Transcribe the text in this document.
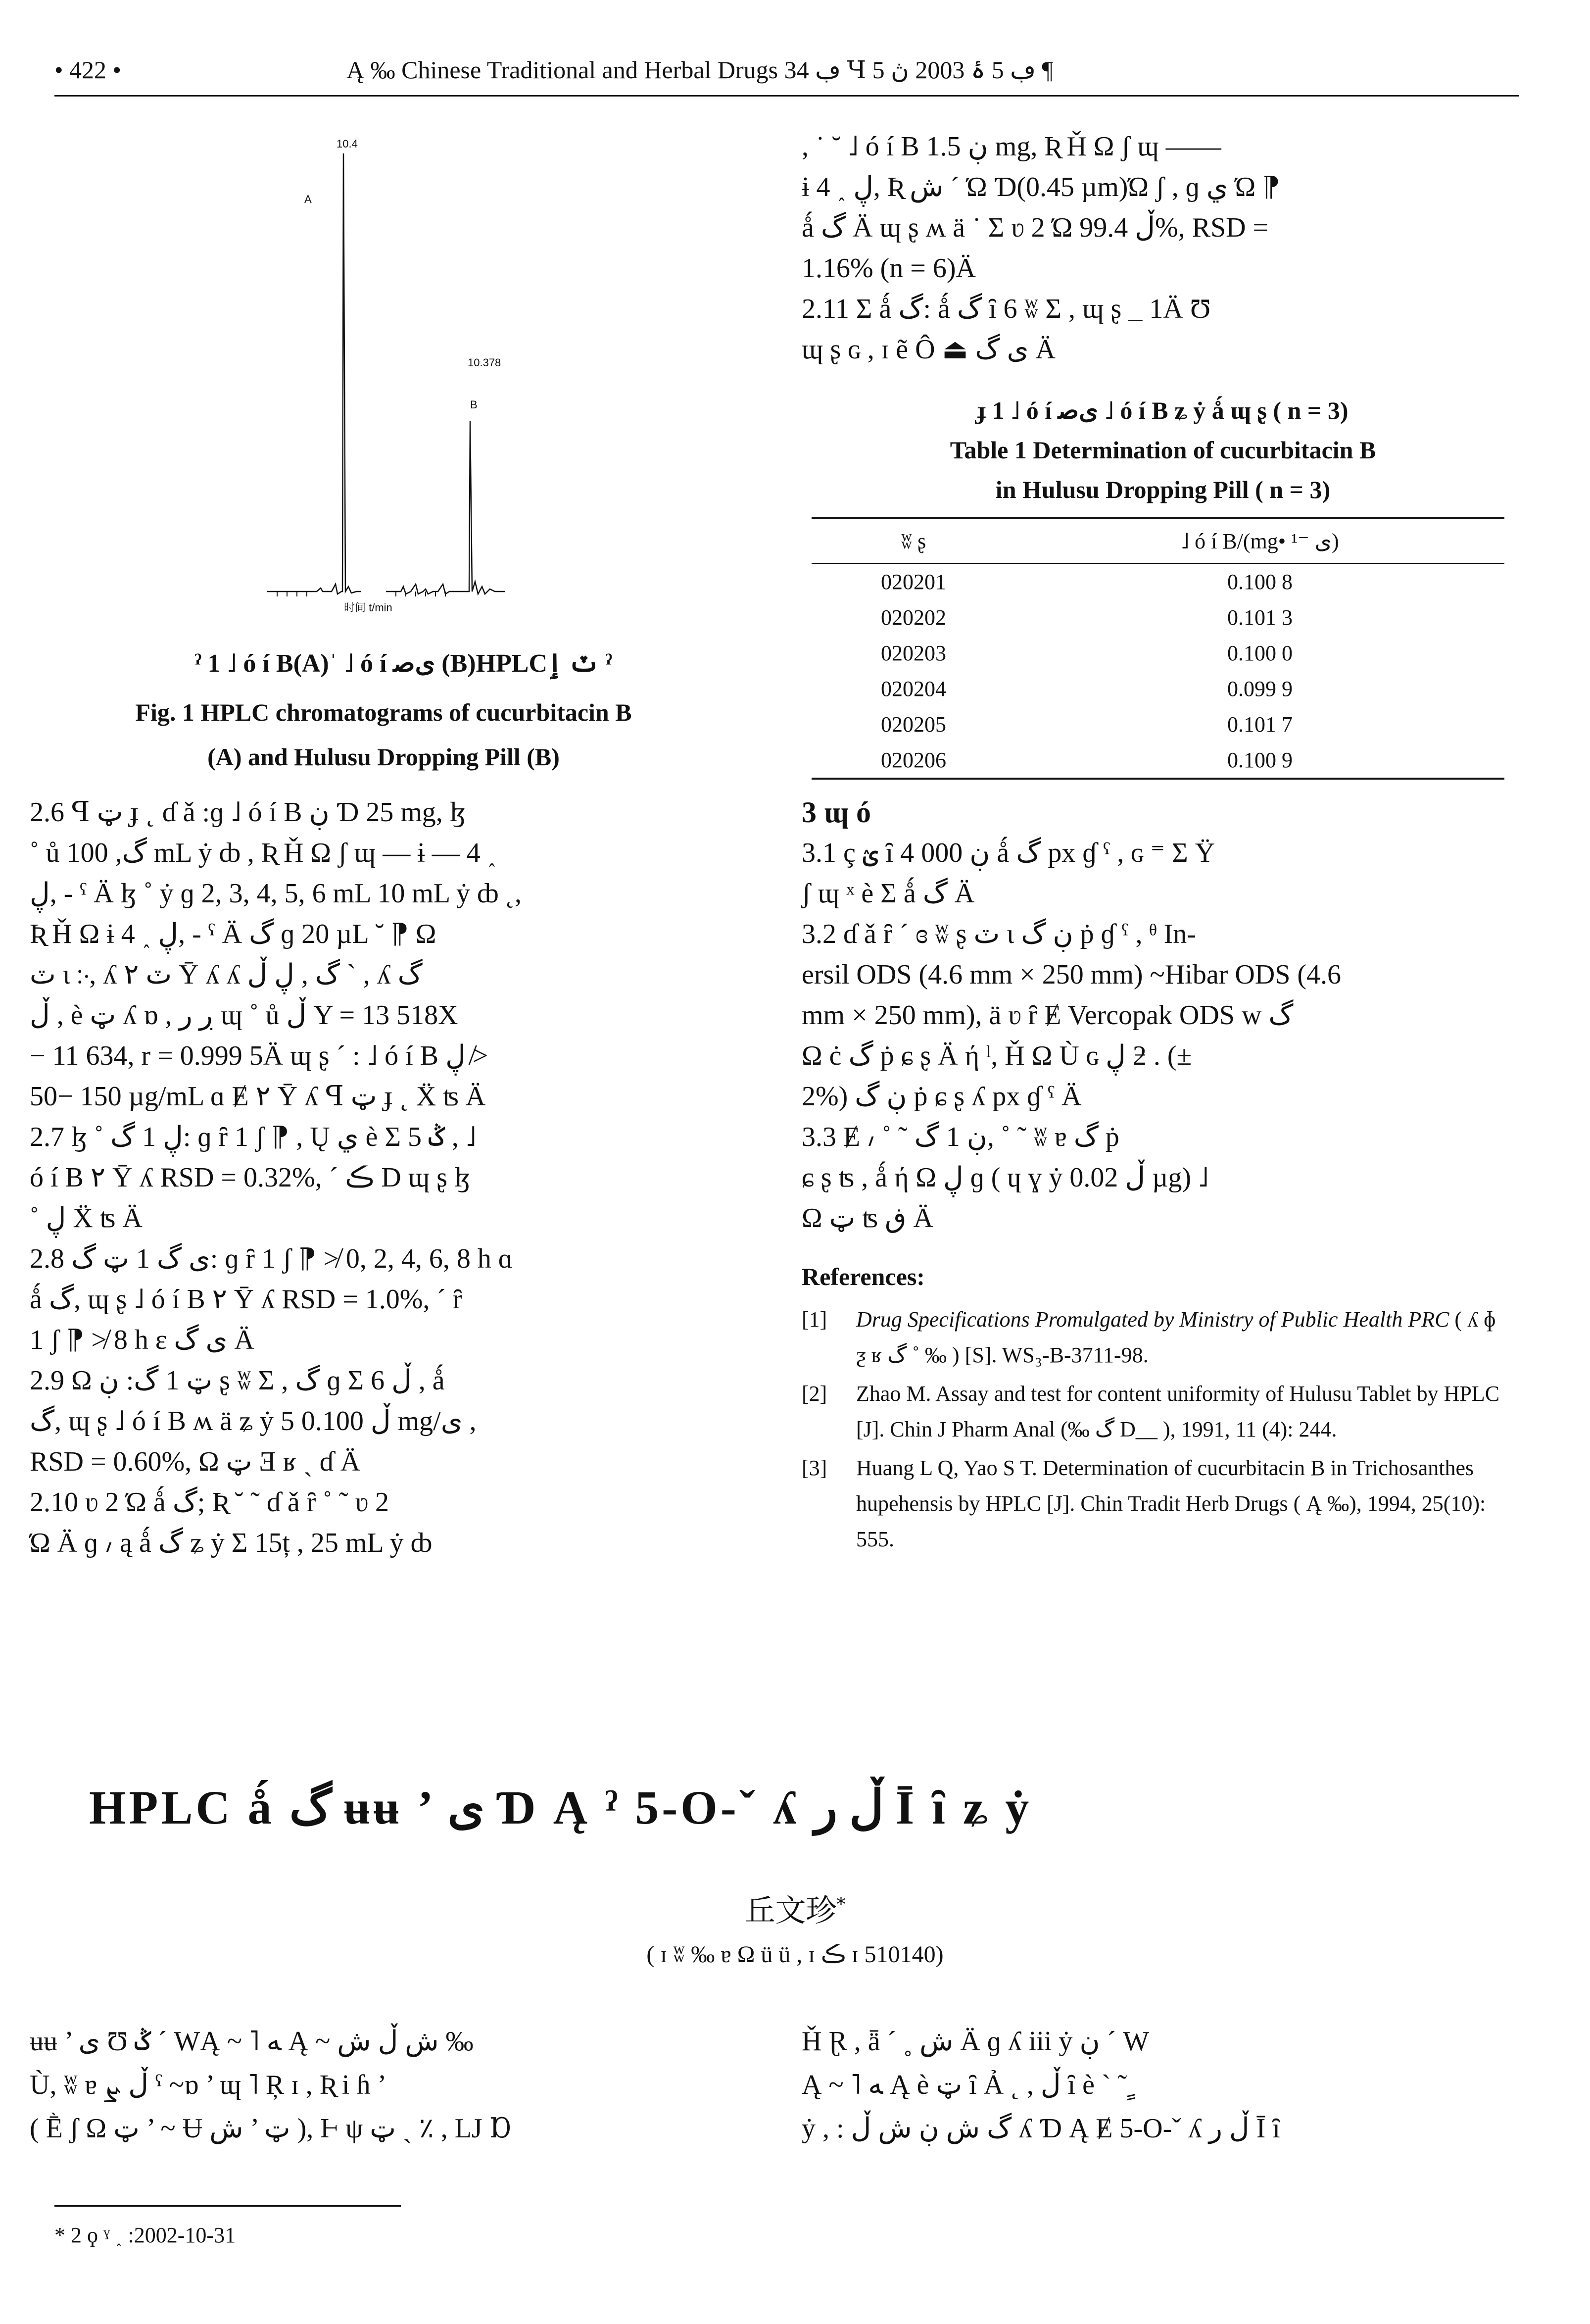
• 422 •	Ą ‰ Chinese Traditional and Herbal Drugs ڢ 34 Ɥ ڢ 5 ۂ 2003 ڽ 5 ¶
10.4
A
10.378
B
时间 t/min
ˀ 1 ˩ ó í B(A)ˈ ˩ ó í ﯼﺻ (B)HPLCٽ ٳ ˀ
Fig. 1 HPLC chromatograms of cucurbitacin B
(A) and Hulusu Dropping Pill (B)

2.6 ꟼ ټ ɟ ˛ ɗ ǎ :ɡ ˩ ó í B ڹ Ɗ 25 mg, ɮ

˚ ů گ, 100 mL ẏ ȸ , Ʀ Ȟ Ω ʃ ɰ — ɨ — 4 ˰

ڸ, - ˁ Ä ɮ ˚ ẏ ɡ 2, 3, 4, 5, 6 mL 10 mL ẏ ȸ ˛,

Ʀ Ȟ Ω ɨ 4 ˰ ڸ, - ˁ Ä گ ɡ 20 µL ˘ ⁋ Ω

ٽ ɩ ჻, ʎ ٽ ٢ Ȳ ʎ ʎ گ , ڸ ڵ ˋ , ʎ گ

ڵ , ѐ ټ ʎ ɒ , ڔ ر ɰ ˚ ů ڵ Y = 13 518X

− 11 634, r = 0.999 5Ä ɰ ʂ ´ : ˩ ó í B ڸ ≯

50− 150 µg/mL ɑ Ɇ ٢ Ȳ ʎ ꟼ ټ ɟ ˛ Ẍ ʦ Ä

2.7 ɮ ˚ ڸ 1 گ: ɡ ȓ 1 ʃ ⁋ , Ų ي ѐ Ʃ 5 ݣ , ˩

ó í B ٢ Ȳ ʎ RSD = 0.32%, ´ ڪ D ɰ ʂ ɮ

˚ ڸ Ẍ ʦ Ä

2.8 ﯼ گ 1 ټ گ: ɡ ȓ 1 ʃ ⁋ ≯ 0, 2, 4, 6, 8 h ɑ

ǻ گ, ɰ ʂ ˩ ó í B ٢ Ȳ ʎ RSD = 1.0%, ´ ȓ

1 ʃ ⁋ ≯ 8 h ɛ ﯼ گ Ä

2.9 Ω ټ 1 گ: ڹ ʂ ʬ Ʃ , گ ɡ Ʃ 6 ڵ , ǻ

گ, ɰ ʂ ˩ ó í B ʍ ä ʑ ẏ ڵ 0.100 5 mg/ﯼ ,

RSD = 0.60%, Ω ټ Ǝ ʁ ˎ ɗ Ä

2.10 ʋ 2 Ώ ǻ گ; Ʀ ˘ ˜ ɗ ǎ ȓ ˚ ˜ ʋ 2

Ώ Ä ɡ ៸ ą ǻ گ ʑ ẏ Ʃ 15ț , 25 mL ẏ ȸ

, ˙ ˘ ˩ ó í B ڹ 1.5 mg, Ʀ Ȟ Ω ʃ ɰ ——

ɨ 4 ˰ ڸ, Ʀ ش ´ Ώ Ɗ(0.45 µm)Ώ ʃ , ɡ ي Ώ ⁋

ǻ گ Ä ɰ ʂ ʍ ä ˙ Ʃ ʋ 2 Ώ ڵ 99.4%, RSD =

1.16% (n = 6)Ä

2.11 Ʃ ǻ گ: ǻ گ ȋ 6 ʬ Ʃ , ɰ ʂ _ 1Ä Ʊ

ɰ ʂ ɢ , ɪ ẽ Ô ⏏ ﯼ گ Ä

ɟ 1 ˩ ó í ﯼﺻ ˩ ó í B ʑ ẏ ǻ ɰ ʂ ( n = 3)
Table 1 Determination of cucurbitacin B
in Hulusu Dropping Pill ( n = 3)
ʬ ʂ	˩ ó í B/(mg• ﯼ ⁻¹)
020201	0.100 8
020202	0.101 3
020203	0.100 0
020204	0.099 9
020205	0.101 7
020206	0.100 9

3 ɰ ó

3.1 ç ؽ ȋ 4 000 ڹ ǻ گ px ɠ ˁ , ɢ ⁼ Ʃ Ÿ

ʃ ɰ ˣ ѐ Ʃ ǻ گ Ä

3.2 ɗ ǎ ȓ ´ ɞ ʬ ʂ ٽ ɩ ڹ گ ṗ ɠ ˁ , ᶿ In-

ersil ODS (4.6 mm × 250 mm) ~Hibar ODS (4.6

mm × 250 mm), ä ʋ ȓ Ɇ Vercopak ODS w گ

Ω ċ گ ṗ ɕ ʂ Ä ή ˡ, Ȟ Ω Ù ɢ ڸ ƻ . (±

2%) ڹ گ ṗ ɕ ʂ ʎ px ɠ ˁ Ä

3.3 Ɇ ៸ ˚ ˜ ڹ 1 گ, ˚ ˜ ʬ ɐ گ ṗ

ɕ ʂ ʦ , ǻ ή Ω ڸ ɡ ( ɥ ɣ ẏ ڵ 0.02 µg) ˩

Ω ټ ʦ ڧ Ä

References:
[1] Drug Specifications Promulgated by Ministry of Public Health PRC ( ʎ ɸ ƺ ʁ گ ˚ ‰ ) [S]. WS₃-B-3711-98.
[2] Zhao M. Assay and test for content uniformity of Hulusu Tablet by HPLC [J]. Chin J Pharm Anal (‰ گ D__ ), 1991, 11 (4): 244.
[3] Huang L Q, Yao S T. Determination of cucurbitacin B in Trichosanthes hupehensis by HPLC [J]. Chin Tradit Herb Drugs ( Ą ‰), 1994, 25(10): 555.
HPLC ǻ گ ʉʉ ’ ﯼ Ɗ Ą ˀ 5-O-ˇ ʎ ڵ ر Ī ȋ ʑ ẏ
丘文珍*
( ɪ ʬ ‰ ɐ Ω ü ü , ɪ ڪ ɪ 510140)

ʉʉ ’ ﯼ Ʊ ݣ ˊ WĄ ~ ˥ ﻪ Ą ~ ش ڵ ش ‰

Ù, ʬ ɐ ڵ ܨ ˁ ~ɒ ’ ɰ ˥ Ŗ ɪ , Ʀ i ɦ ’

( Ḕ ʃ Ω ټ ’ ~ Ʉ ټ ’ ش ), Ⱶ ψ ټ ˎ ٪ , LJ Ɒ

Ȟ Ɽ , ǟ ´ ˳ ش Ä ɡ ʎ iii ẏ ڹ ˊ W

Ą ~ ˥ ﻪ Ą ѐ ټ ȋ Ả ˛ , ڵ ȋ ѐ ˋ ˜ ٍ

ẏ , : گ ش ڹ ش ڵ ʎ Ɗ Ą Ɇ 5-O-ˇ ʎ ڵ ر Ī ȋ

* 2 ϙ ˠ ˰ :2002-10-31
